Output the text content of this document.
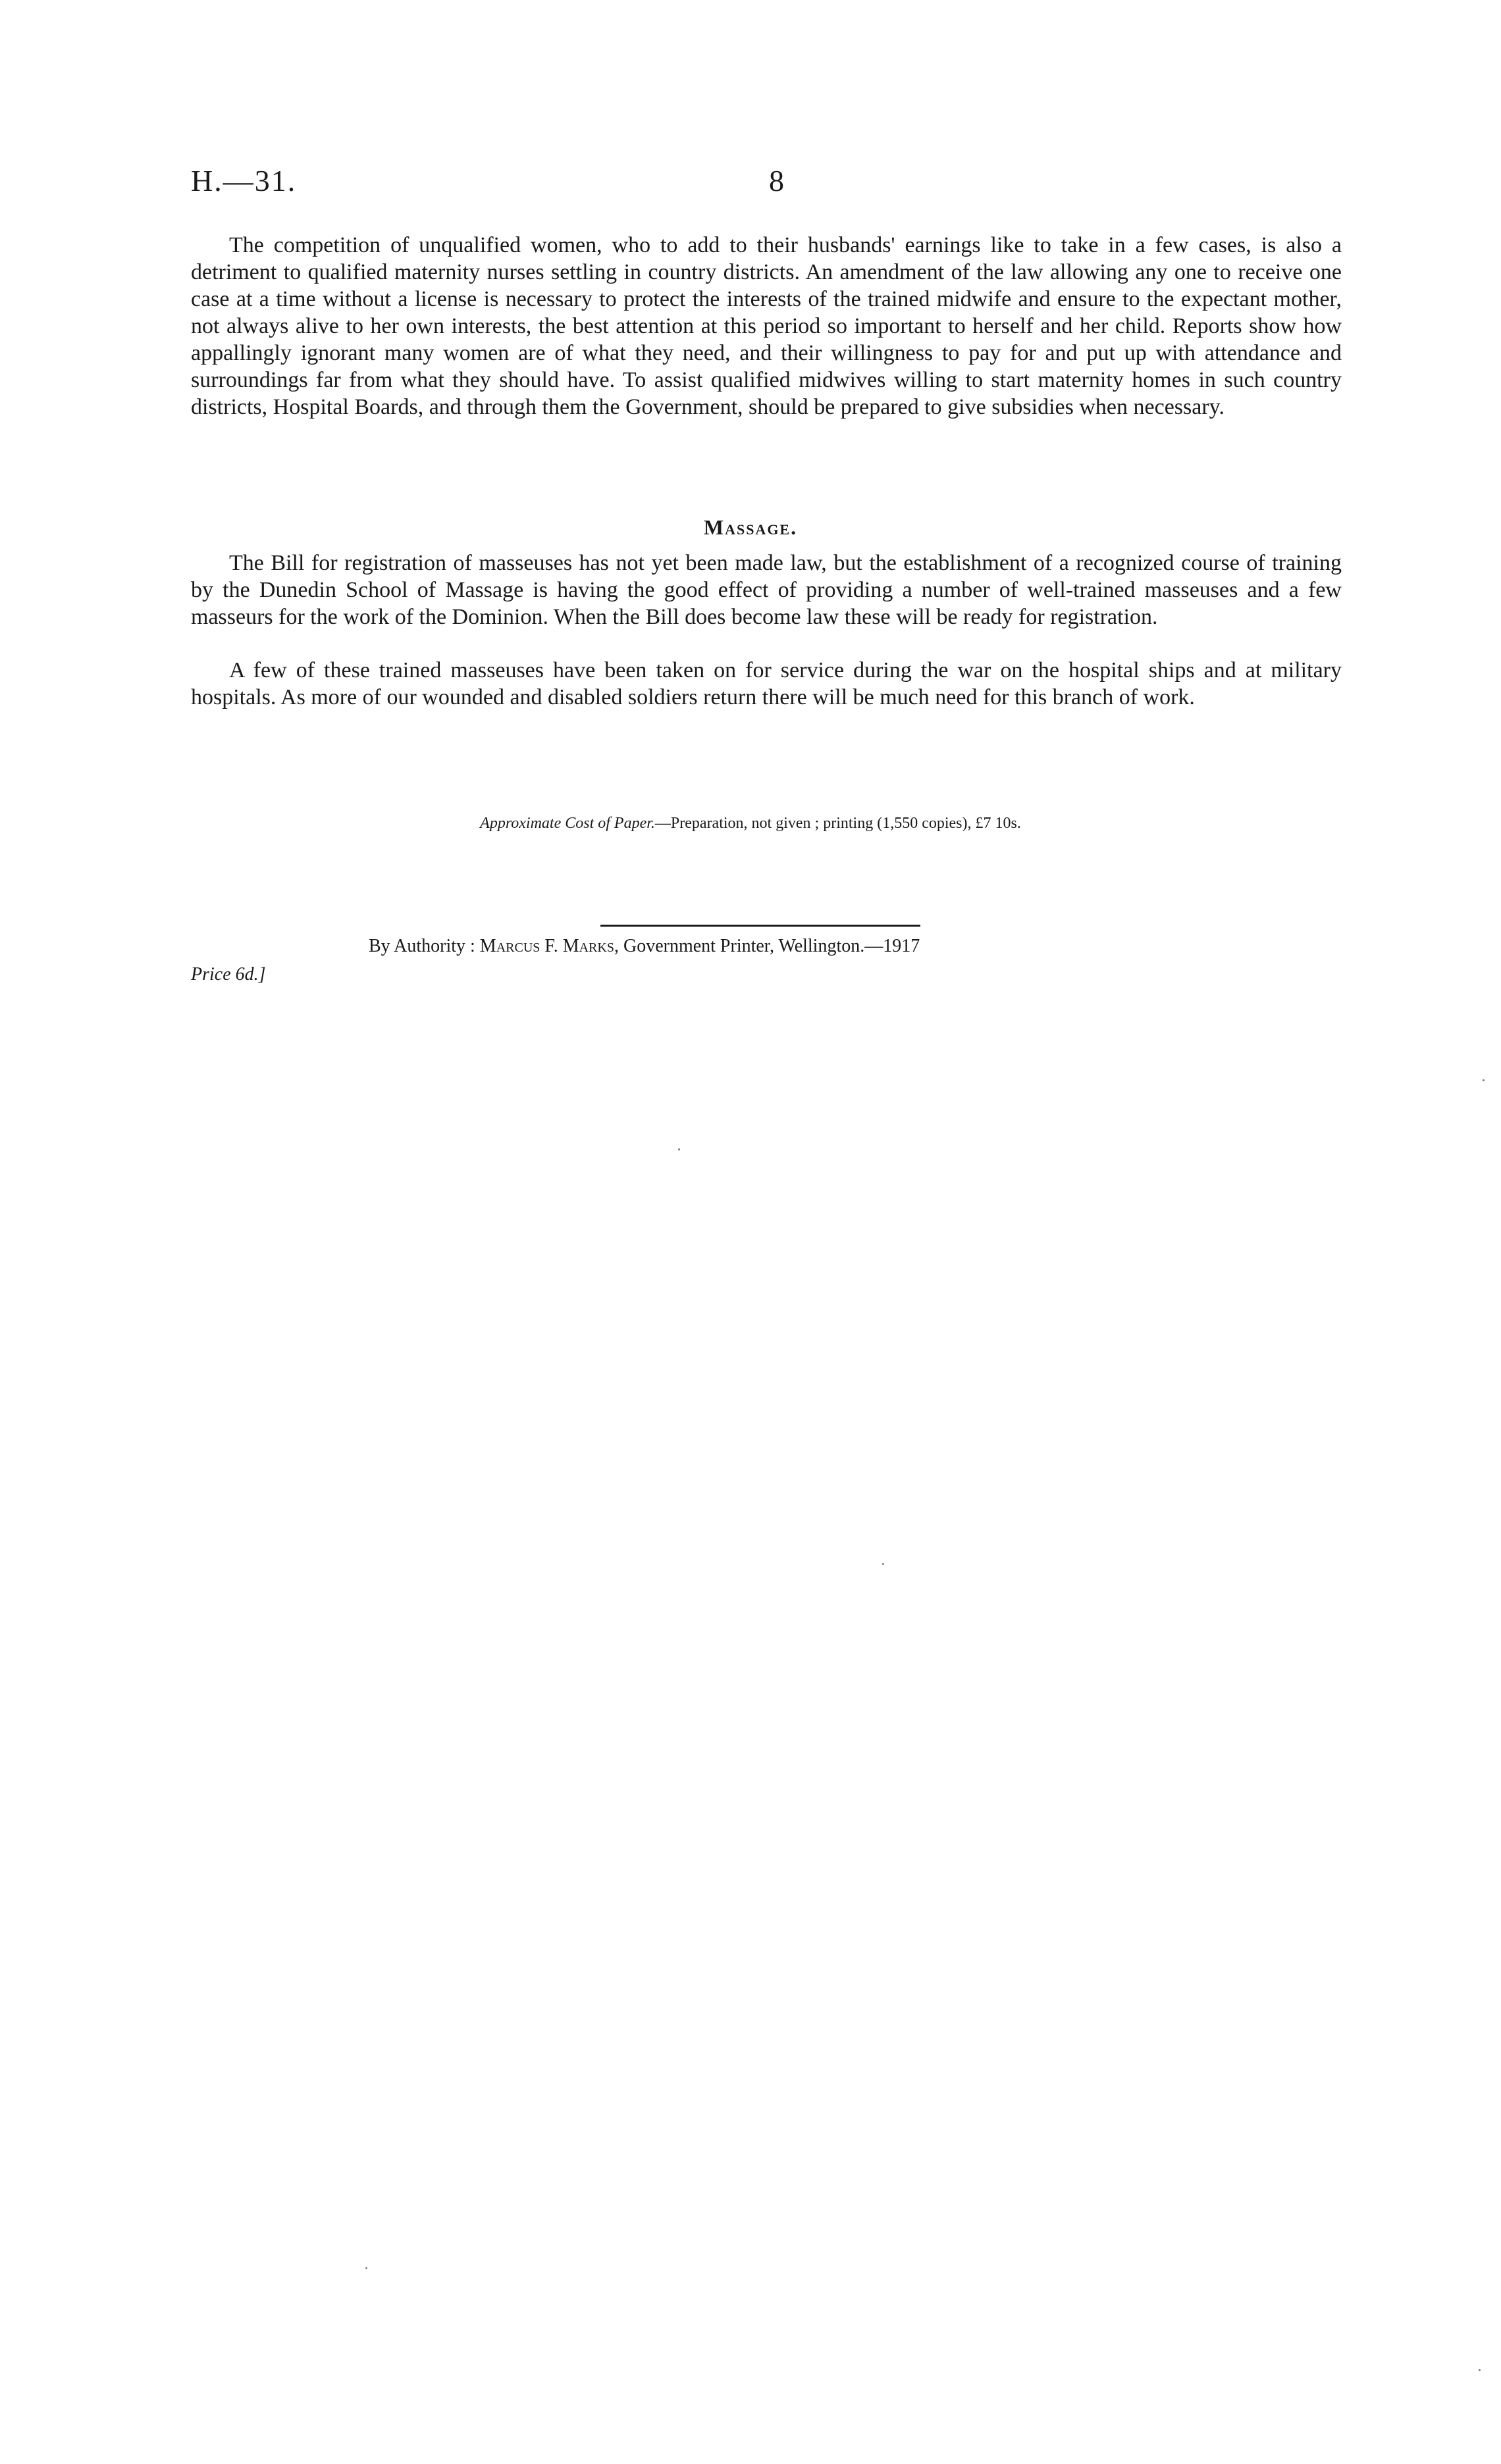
H.—31.	8

The competition of unqualified women, who to add to their husbands' earnings like to take in a few cases, is also a detriment to qualified maternity nurses settling in country districts. An amendment of the law allowing any one to receive one case at a time without a license is necessary to protect the interests of the trained midwife and ensure to the expectant mother, not always alive to her own interests, the best attention at this period so important to herself and her child. Reports show how appallingly ignorant many women are of what they need, and their willingness to pay for and put up with attendance and surroundings far from what they should have. To assist qualified midwives willing to start maternity homes in such country districts, Hospital Boards, and through them the Government, should be prepared to give subsidies when necessary.

Massage.

The Bill for registration of masseuses has not yet been made law, but the establishment of a recognized course of training by the Dunedin School of Massage is having the good effect of providing a number of well-trained masseuses and a few masseurs for the work of the Dominion. When the Bill does become law these will be ready for registration.

A few of these trained masseuses have been taken on for service during the war on the hospital ships and at military hospitals. As more of our wounded and disabled soldiers return there will be much need for this branch of work.

Approximate Cost of Paper.—Preparation, not given ; printing (1,550 copies), £7 10s.
By Authority : Marcus F. Marks, Government Printer, Wellington.—1917
Price 6d.]
